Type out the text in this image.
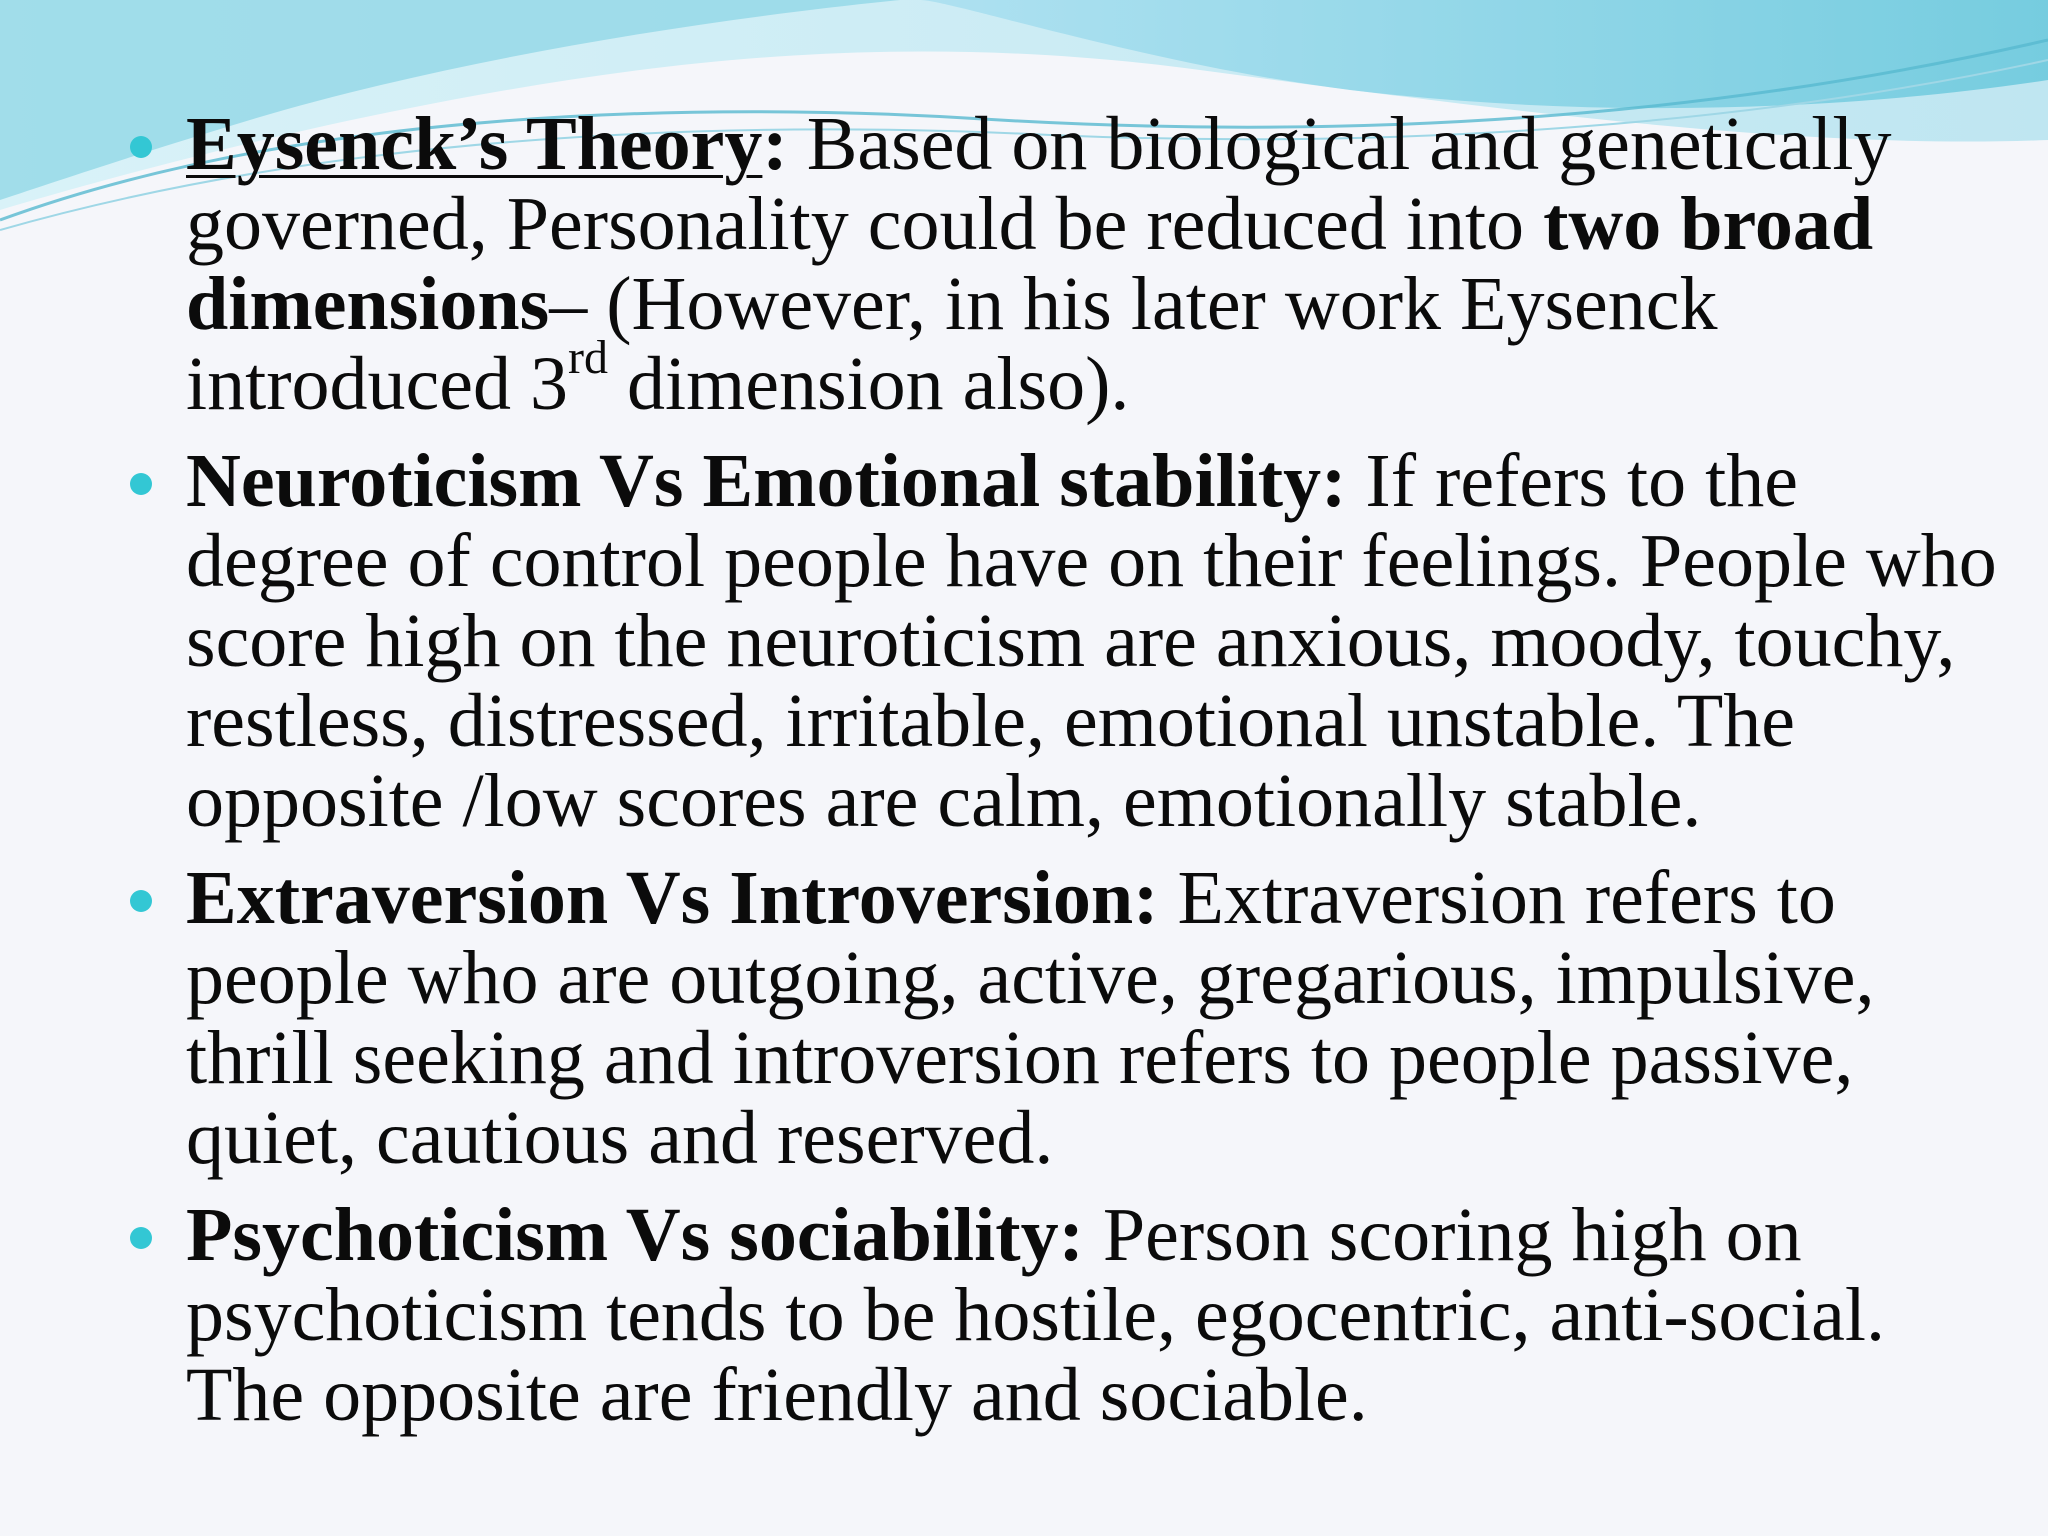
Eysenck’s Theory: Based on biological and genetically governed, Personality could be reduced into two broad dimensions– (However, in his later work Eysenck introduced 3rd dimension also).
Neuroticism Vs Emotional stability: If refers to the degree of control people have on their feelings. People who score high on the neuroticism are anxious, moody, touchy, restless, distressed, irritable, emotional unstable. The opposite /low scores are calm, emotionally stable.
Extraversion Vs Introversion: Extraversion refers to people who are outgoing, active, gregarious, impulsive, thrill seeking and introversion refers to people passive, quiet, cautious and reserved.
Psychoticism Vs sociability: Person scoring high on psychoticism tends to be hostile, egocentric, anti-social. The opposite are friendly and sociable.
